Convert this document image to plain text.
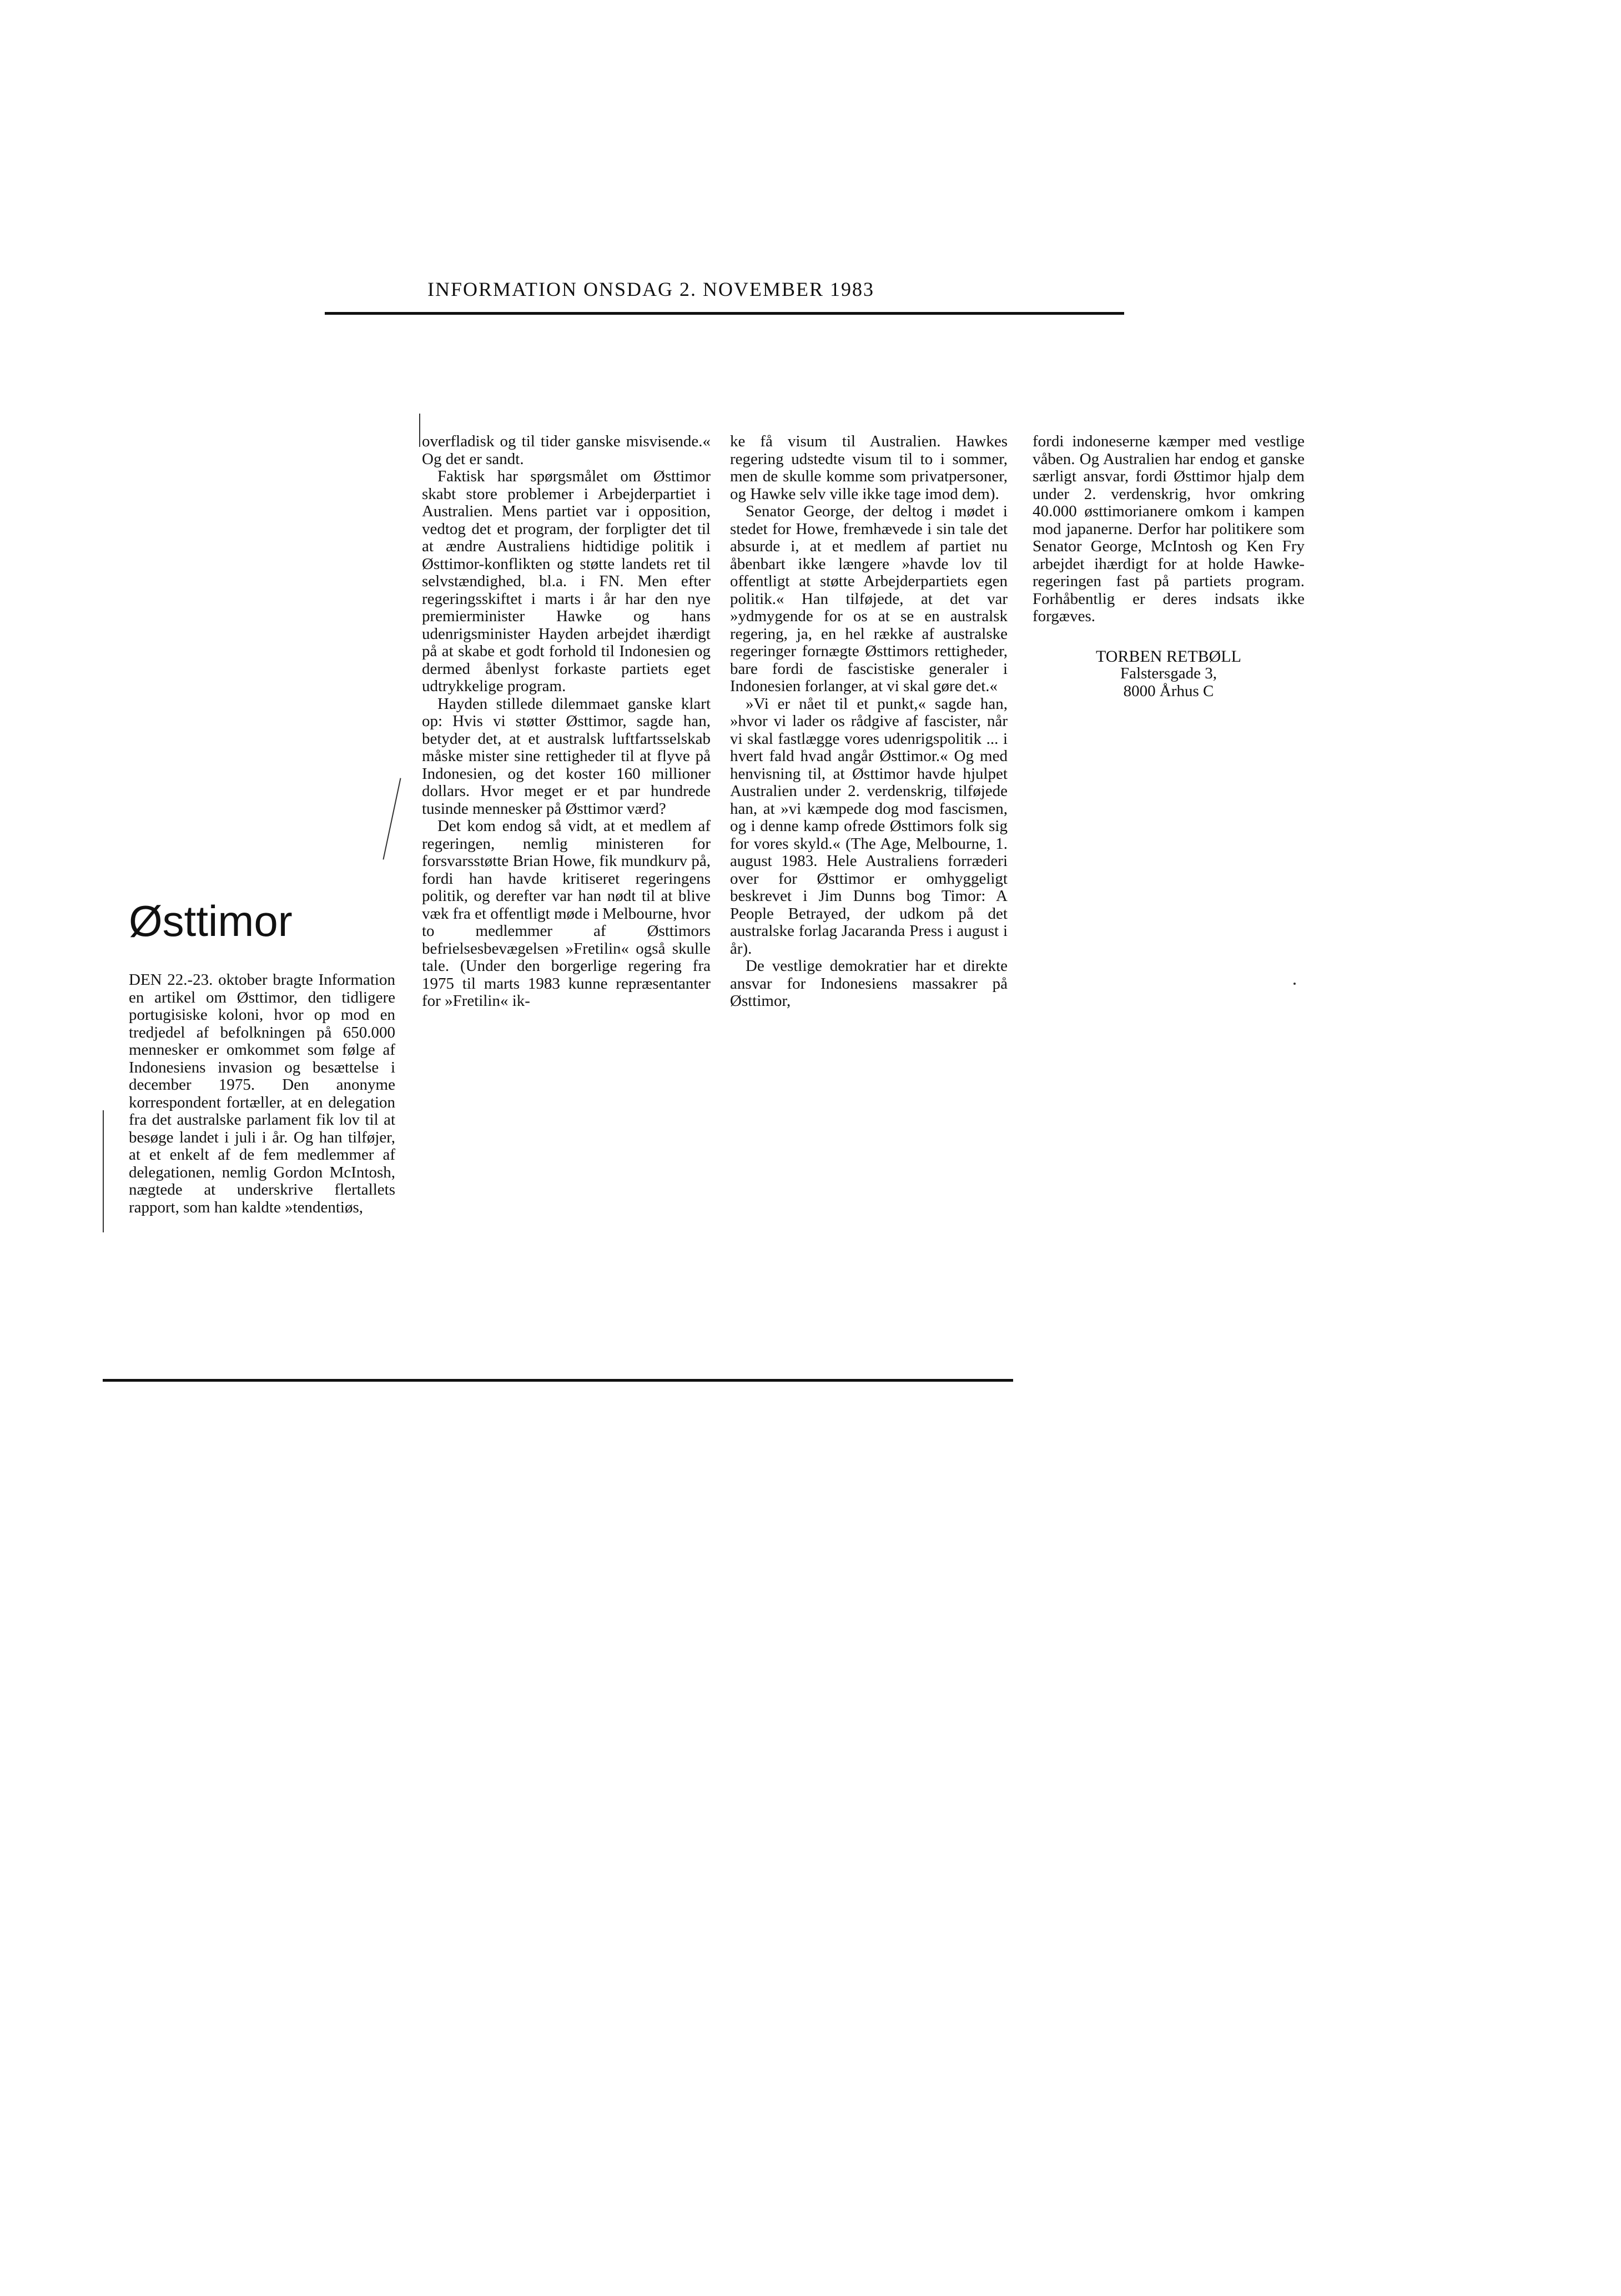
INFORMATION ONSDAG 2. NOVEMBER 1983
Østtimor

DEN 22.-23. oktober bragte Information en artikel om Østtimor, den tidligere portugisiske koloni, hvor op mod en tredjedel af befolkningen på 650.000 mennesker er omkommet som følge af Indonesiens invasion og besættelse i december 1975. Den anonyme korrespondent fortæller, at en delegation fra det australske parlament fik lov til at besøge landet i juli i år. Og han tilføjer, at et enkelt af de fem medlemmer af delegationen, nemlig Gordon McIntosh, nægtede at underskrive flertallets rapport, som han kaldte »tendentiøs,

overfladisk og til tider ganske misvisende.« Og det er sandt.

Faktisk har spørgsmålet om Østtimor skabt store problemer i Arbejderpartiet i Australien. Mens partiet var i opposition, vedtog det et program, der forpligter det til at ændre Australiens hidtidige politik i Østtimor-konflikten og støtte landets ret til selvstændighed, bl.a. i FN. Men efter regeringsskiftet i marts i år har den nye premierminister Hawke og hans udenrigsminister Hayden arbejdet ihærdigt på at skabe et godt forhold til Indonesien og dermed åbenlyst forkaste partiets eget udtrykkelige program.

Hayden stillede dilemmaet ganske klart op: Hvis vi støtter Østtimor, sagde han, betyder det, at et australsk luftfartsselskab måske mister sine rettigheder til at flyve på Indonesien, og det koster 160 millioner dollars. Hvor meget er et par hundrede tusinde mennesker på Østtimor værd?

Det kom endog så vidt, at et medlem af regeringen, nemlig ministeren for forsvarsstøtte Brian Howe, fik mundkurv på, fordi han havde kritiseret regeringens politik, og derefter var han nødt til at blive væk fra et offentligt møde i Melbourne, hvor to medlemmer af Østtimors befrielsesbevægelsen »Fretilin« også skulle tale. (Under den borgerlige regering fra 1975 til marts 1983 kunne repræsentanter for »Fretilin« ik-

ke få visum til Australien. Hawkes regering udstedte visum til to i sommer, men de skulle komme som privatpersoner, og Hawke selv ville ikke tage imod dem).

Senator George, der deltog i mødet i stedet for Howe, fremhævede i sin tale det absurde i, at et medlem af partiet nu åbenbart ikke længere »havde lov til offentligt at støtte Arbejderpartiets egen politik.« Han tilføjede, at det var »ydmygende for os at se en australsk regering, ja, en hel række af australske regeringer fornægte Østtimors rettigheder, bare fordi de fascistiske generaler i Indonesien forlanger, at vi skal gøre det.«

»Vi er nået til et punkt,« sagde han, »hvor vi lader os rådgive af fascister, når vi skal fastlægge vores udenrigspolitik ... i hvert fald hvad angår Østtimor.« Og med henvisning til, at Østtimor havde hjulpet Australien under 2. verdenskrig, tilføjede han, at »vi kæmpede dog mod fascismen, og i denne kamp ofrede Østtimors folk sig for vores skyld.« (The Age, Melbourne, 1. august 1983. Hele Australiens forræderi over for Østtimor er omhyggeligt beskrevet i Jim Dunns bog Timor: A People Betrayed, der udkom på det australske forlag Jacaranda Press i august i år).

De vestlige demokratier har et direkte ansvar for Indonesiens massakrer på Østtimor,

fordi indoneserne kæmper med vestlige våben. Og Australien har endog et ganske særligt ansvar, fordi Østtimor hjalp dem under 2. verdenskrig, hvor omkring 40.000 østtimorianere omkom i kampen mod japanerne. Derfor har politikere som Senator George, McIntosh og Ken Fry arbejdet ihærdigt for at holde Hawke-regeringen fast på partiets program. Forhåbentlig er deres indsats ikke forgæves.

TORBEN RETBØLL

Falstersgade 3,

8000 Århus C
